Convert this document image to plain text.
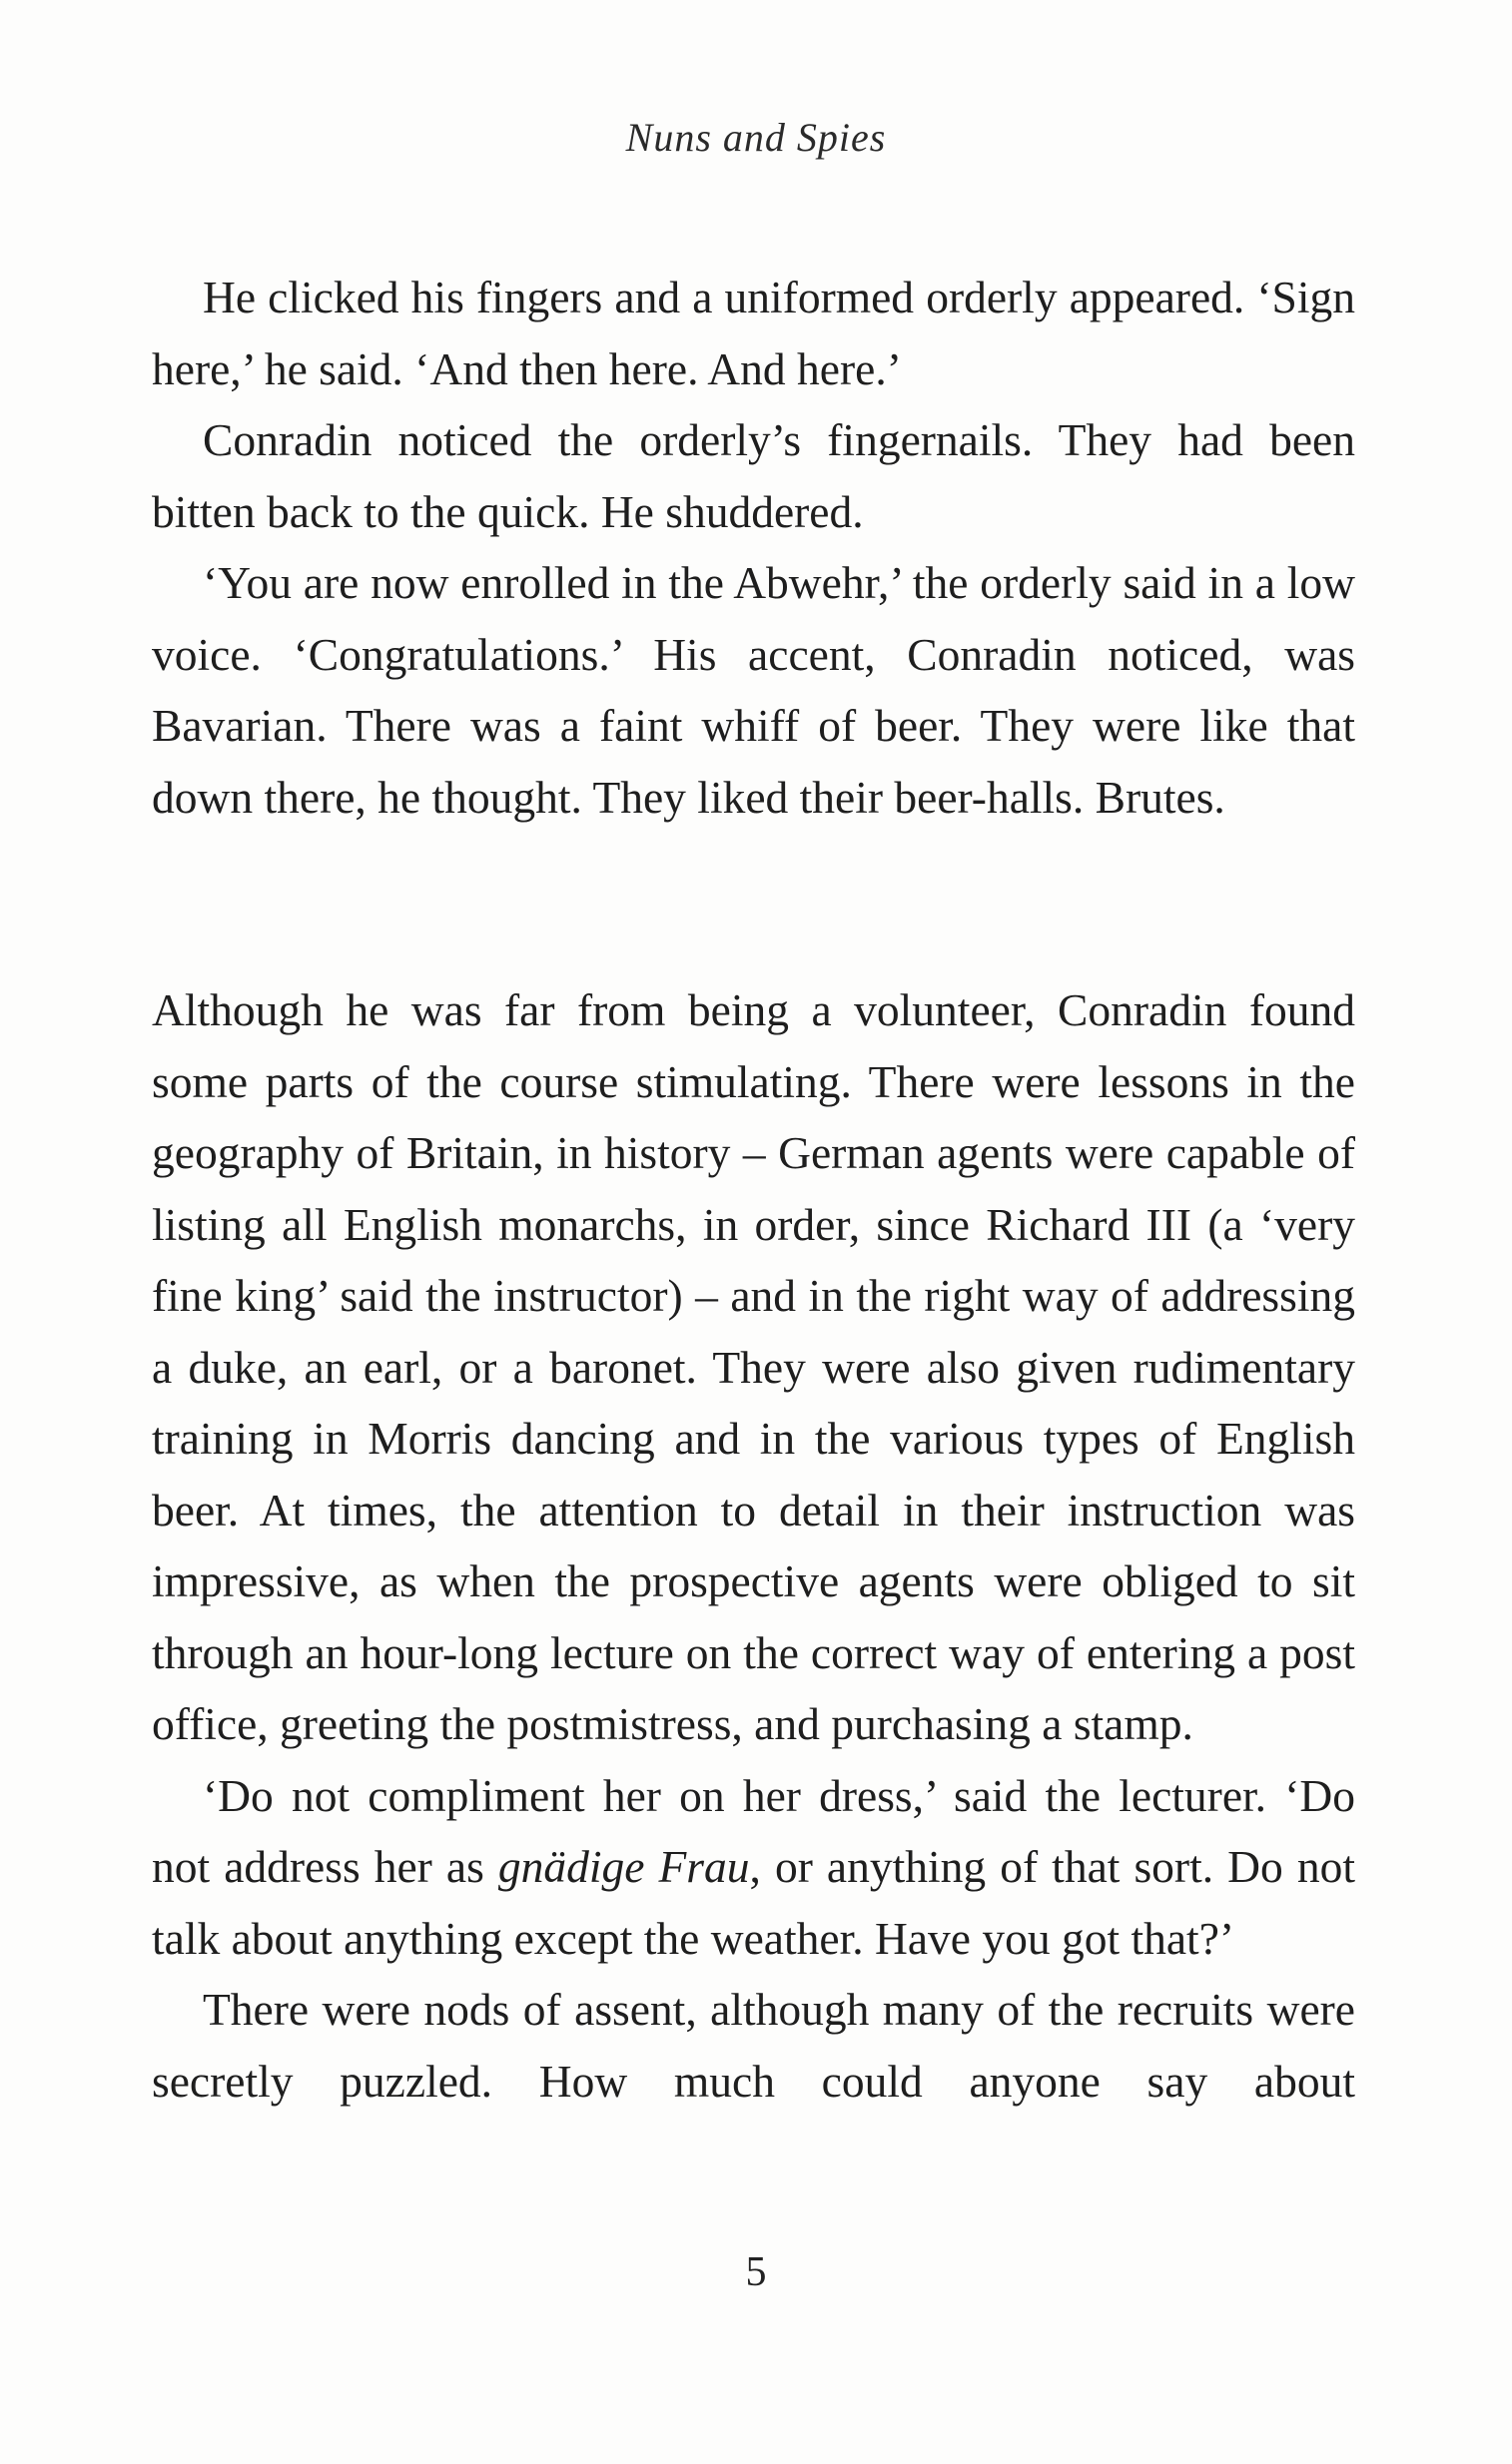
Nuns and Spies

He clicked his fingers and a uniformed orderly appeared. ‘Sign here,’ he said. ‘And then here. And here.’

Conradin noticed the orderly’s fingernails. They had been bitten back to the quick. He shuddered.

‘You are now enrolled in the Abwehr,’ the orderly said in a low voice. ‘Congratulations.’ His accent, Conradin noticed, was Bavarian. There was a faint whiff of beer. They were like that down there, he thought. They liked their beer-halls. Brutes.

Although he was far from being a volunteer, Conradin found some parts of the course stimulating. There were lessons in the geography of Britain, in history – German agents were capable of listing all English monarchs, in order, since Richard III (a ‘very fine king’ said the instructor) – and in the right way of addressing a duke, an earl, or a baronet. They were also given rudimentary training in Morris dancing and in the various types of English beer. At times, the attention to detail in their instruction was impressive, as when the prospective agents were obliged to sit through an hour-long lecture on the correct way of entering a post office, greeting the postmistress, and purchasing a stamp.

‘Do not compliment her on her dress,’ said the lecturer. ‘Do not address her as gnädige Frau, or anything of that sort. Do not talk about anything except the weather. Have you got that?’

There were nods of assent, although many of the recruits were secretly puzzled. How much could anyone say about

5
